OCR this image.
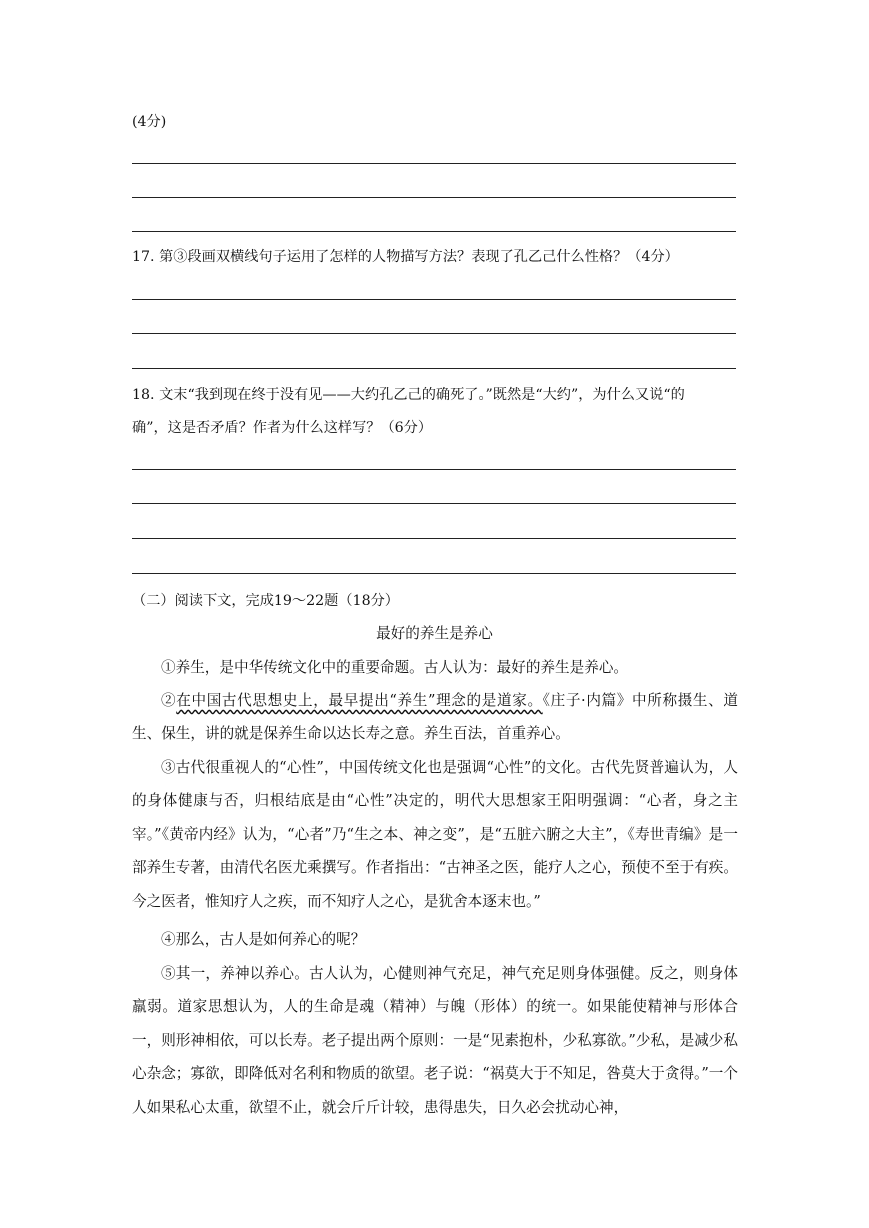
(4分)
17. 第③段画双横线句子运用了怎样的人物描写方法？表现了孔乙己什么性格？（4分）
18. 文末“我到现在终于没有见——大约孔乙己的确死了。”既然是“大约”，为什么又说“的
确”，这是否矛盾？作者为什么这样写？（6分）
（二）阅读下文，完成19～22题（18分）
最好的养生是养心
①养生，是中华传统文化中的重要命题。古人认为：最好的养生是养心。
②在中国古代思想史上，最早提出“养生”理念的是道家。《庄子·内篇》中所称摄生、道生、保生，讲的就是保养生命以达长寿之意。养生百法，首重养心。
③古代很重视人的“心性”，中国传统文化也是强调“心性”的文化。古代先贤普遍认为，人的身体健康与否，归根结底是由“心性”决定的，明代大思想家王阳明强调：“心者，身之主宰。”《黄帝内经》认为，“心者”乃“生之本、神之变”，是“五脏六腑之大主”，《寿世青编》是一部养生专著，由清代名医尤乘撰写。作者指出：“古神圣之医，能疗人之心，预使不至于有疾。今之医者，惟知疗人之疾，而不知疗人之心，是犹舍本逐末也。”
④那么，古人是如何养心的呢？
⑤其一，养神以养心。古人认为，心健则神气充足，神气充足则身体强健。反之，则身体羸弱。道家思想认为，人的生命是魂（精神）与魄（形体）的统一。如果能使精神与形体合一，则形神相依，可以长寿。老子提出两个原则：一是“见素抱朴，少私寡欲。”少私，是减少私心杂念；寡欲，即降低对名利和物质的欲望。老子说：“祸莫大于不知足，咎莫大于贪得。”一个人如果私心太重，欲望不止，就会斤斤计较，患得患失，日久必会扰动心神，
